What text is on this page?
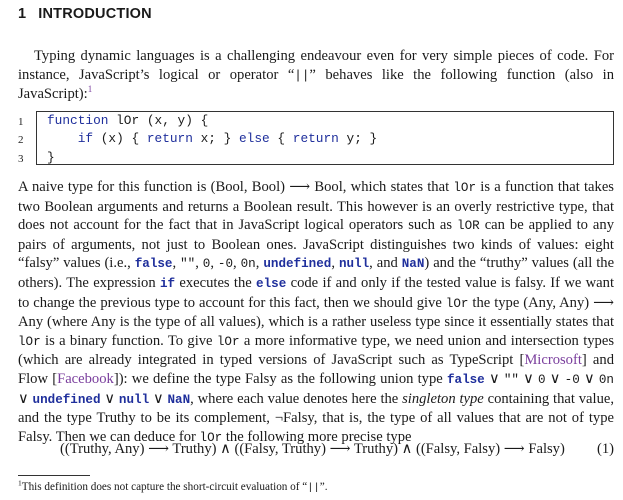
1 INTRODUCTION

Typing dynamic languages is a challenging endeavour even for very simple pieces of code. For instance, JavaScript’s logical or operator “||” behaves like the following function (also in JavaScript):$^1$

1
2
3
function lOr (x, y) {
if (x) { return x; } else { return y; }
}

A naive type for this function is (Bool, Bool) ⟶ Bool, which states that lOr is a function that takes two Boolean arguments and returns a Boolean result. This however is an overly restrictive type, that does not account for the fact that in JavaScript logical operators such as lOR can be applied to any pairs of arguments, not just to Boolean ones. JavaScript distinguishes two kinds of values: eight “falsy” values (i.e., false, "", 0, -0, 0n, undefined, null, and NaN) and the “truthy” values (all the others). The expression if executes the else code if and only if the tested value is falsy. If we want to change the previous type to account for this fact, then we should give lOr the type (Any, Any) ⟶ Any (where Any is the type of all values), which is a rather useless type since it essentially states that lOr is a binary function. To give lOr a more informative type, we need union and intersection types (which are already integrated in typed versions of JavaScript such as TypeScript [Microsoft] and Flow [Facebook]): we define the type Falsy as the following union type false ∨ "" ∨ 0 ∨ -0 ∨ 0n ∨ undefined ∨ null ∨ NaN, where each value denotes here the singleton type containing that value, and the type Truthy to be its complement, ¬Falsy, that is, the type of all values that are not of type Falsy. Then we can deduce for lOr the following more precise type

((Truthy, Any) ⟶ Truthy) ∧ ((Falsy, Truthy) ⟶ Truthy) ∧ ((Falsy, Falsy) ⟶ Falsy) (1)
$^1$This definition does not capture the short-circuit evaluation of “||”.
